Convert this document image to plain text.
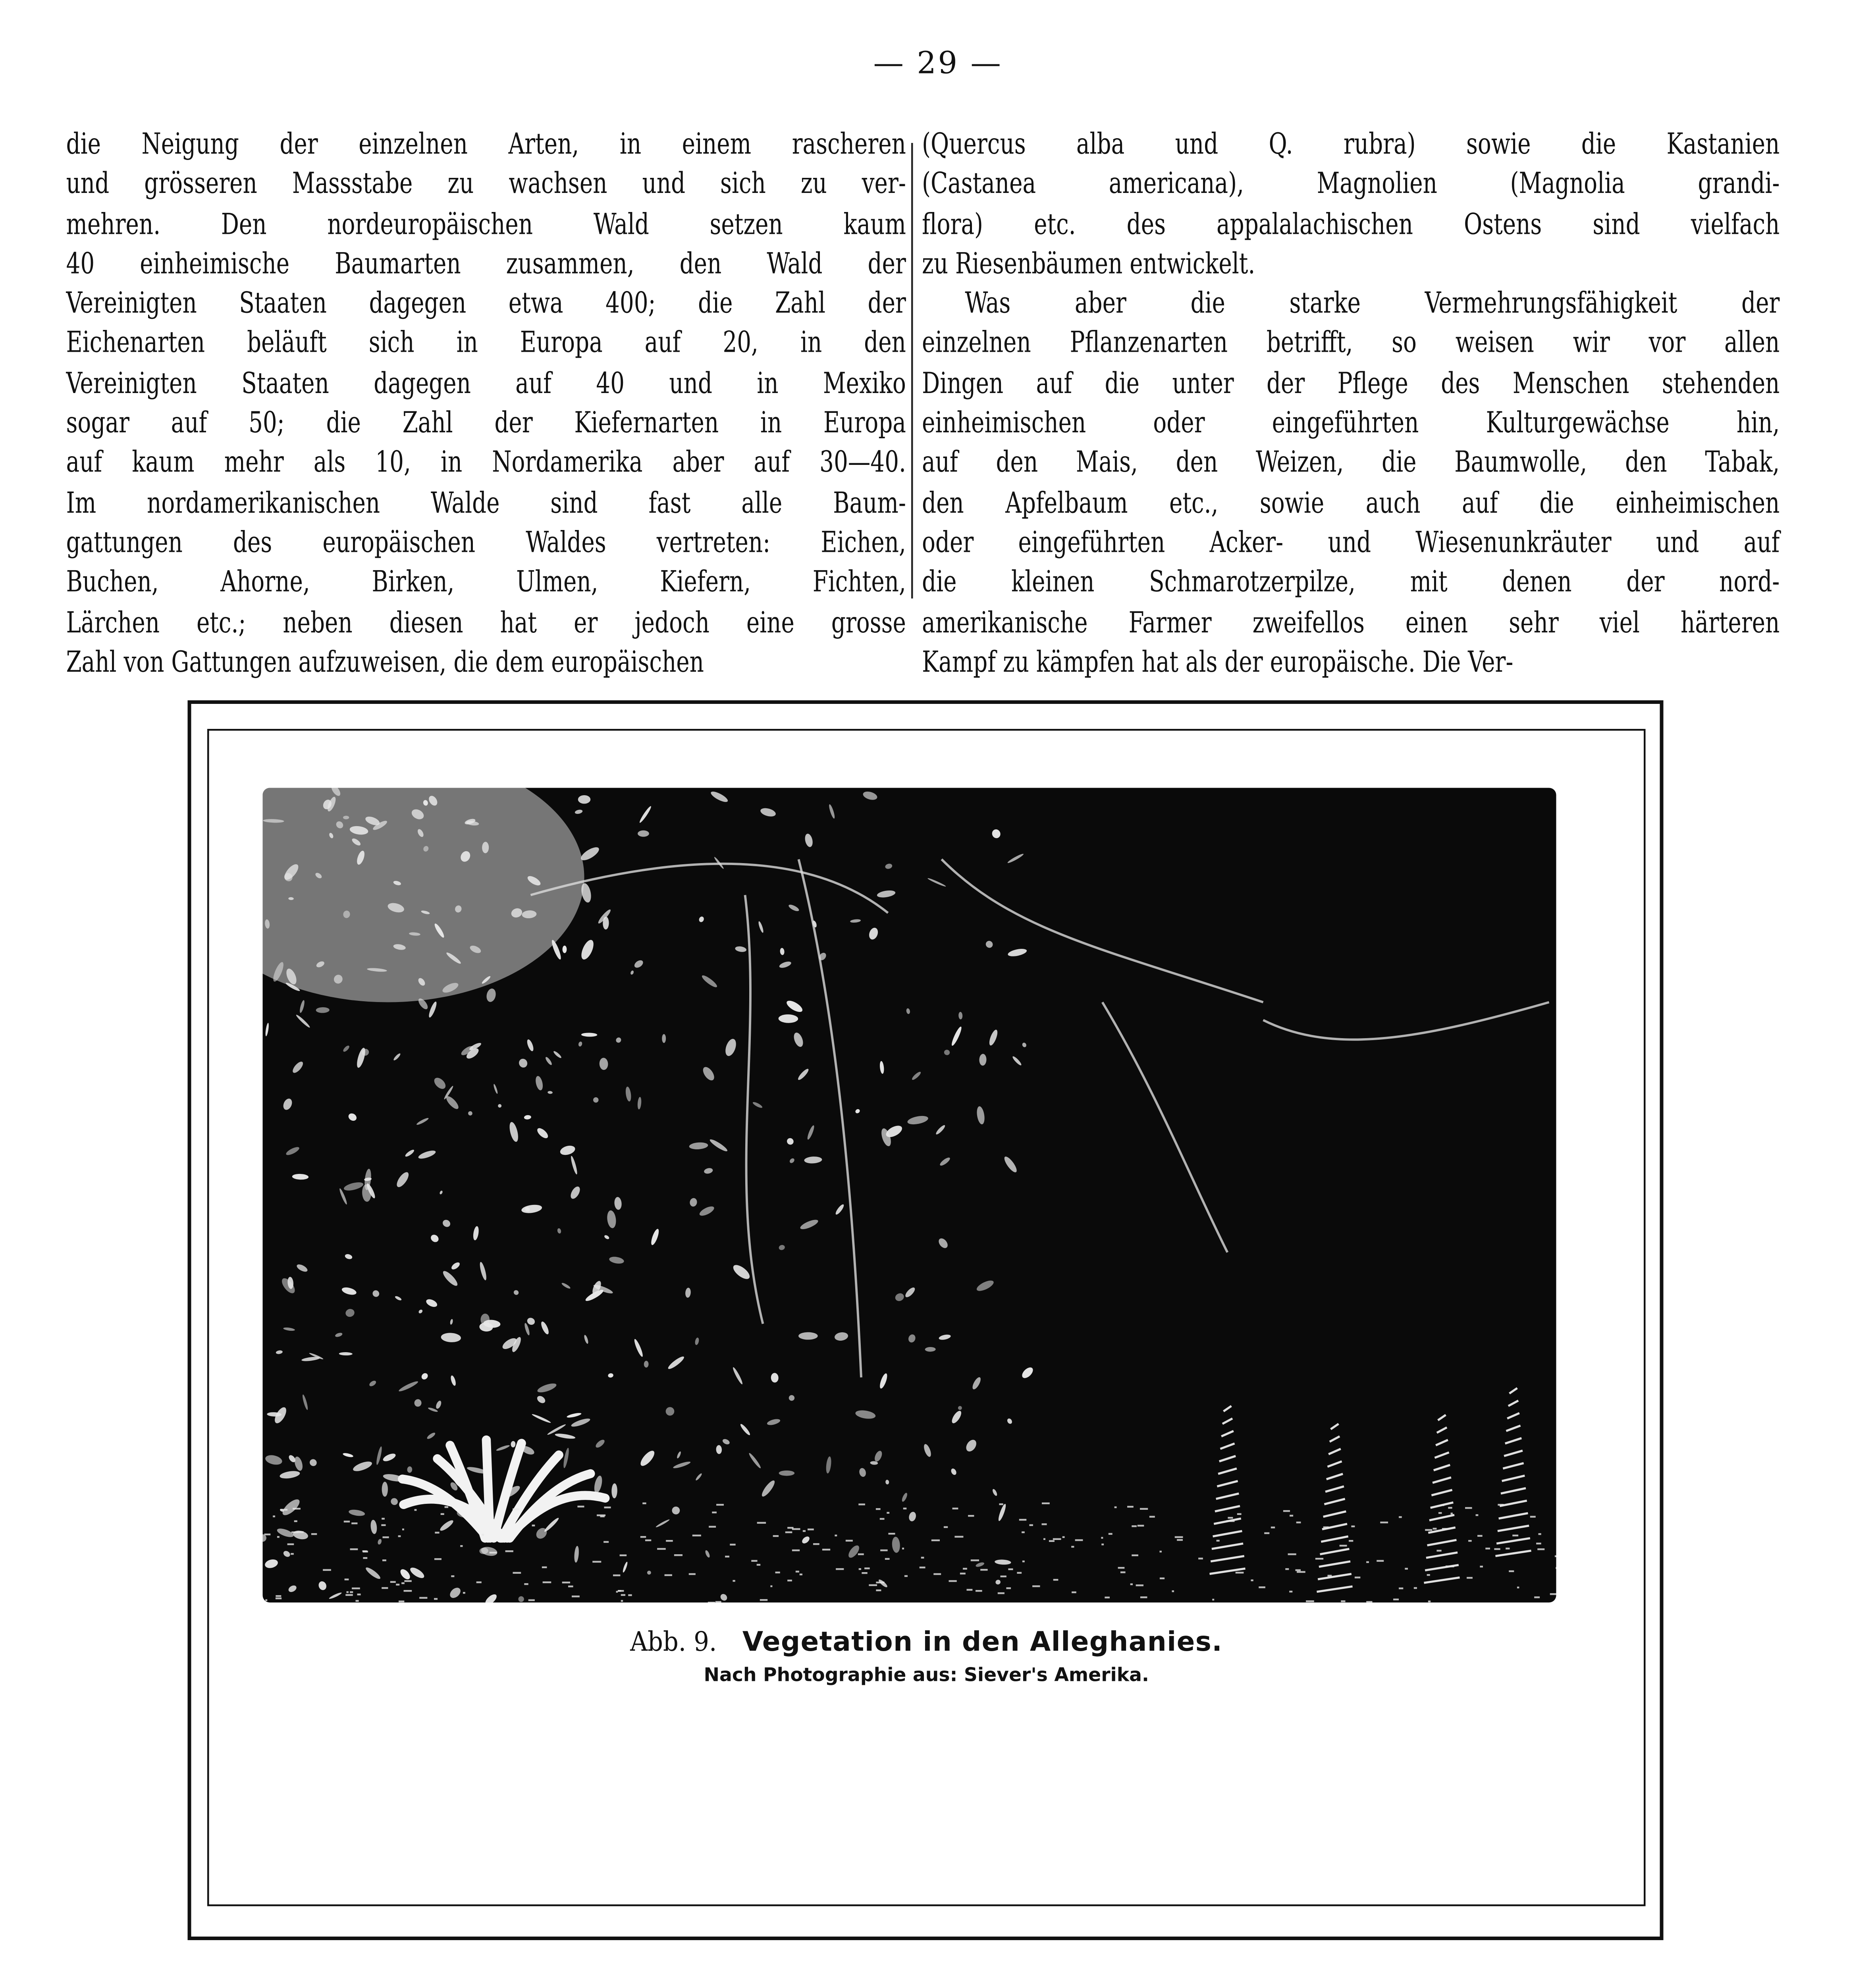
— 29 —
die Neigung der einzelnen Arten, in einem rascheren
und grösseren Massstabe zu wachsen und sich zu ver-
mehren. Den nordeuropäischen Wald setzen kaum
40 einheimische Baumarten zusammen, den Wald der
Vereinigten Staaten dagegen etwa 400; die Zahl der
Eichenarten beläuft sich in Europa auf 20, in den
Vereinigten Staaten dagegen auf 40 und in Mexiko
sogar auf 50; die Zahl der Kiefernarten in Europa
auf kaum mehr als 10, in Nordamerika aber auf 30—40.
Im nordamerikanischen Walde sind fast alle Baum-
gattungen des europäischen Waldes vertreten: Eichen,
Buchen, Ahorne, Birken, Ulmen, Kiefern, Fichten,
Lärchen etc.; neben diesen hat er jedoch eine grosse
Zahl von Gattungen aufzuweisen, die dem europäischen
(Quercus alba und Q. rubra) sowie die Kastanien
(Castanea americana), Magnolien (Magnolia grandi-
flora) etc. des appalalachischen Ostens sind vielfach
zu Riesenbäumen entwickelt.
Was aber die starke Vermehrungsfähigkeit der
einzelnen Pflanzenarten betrifft, so weisen wir vor allen
Dingen auf die unter der Pflege des Menschen stehenden
einheimischen oder eingeführten Kulturgewächse hin,
auf den Mais, den Weizen, die Baumwolle, den Tabak,
den Apfelbaum etc., sowie auch auf die einheimischen
oder eingeführten Acker- und Wiesenunkräuter und auf
die kleinen Schmarotzerpilze, mit denen der nord-
amerikanische Farmer zweifellos einen sehr viel härteren
Kampf zu kämpfen hat als der europäische. Die Ver-
Abb. 9.	Vegetation in den Alleghanies.
Nach Photographie aus: Siever's Amerika.
